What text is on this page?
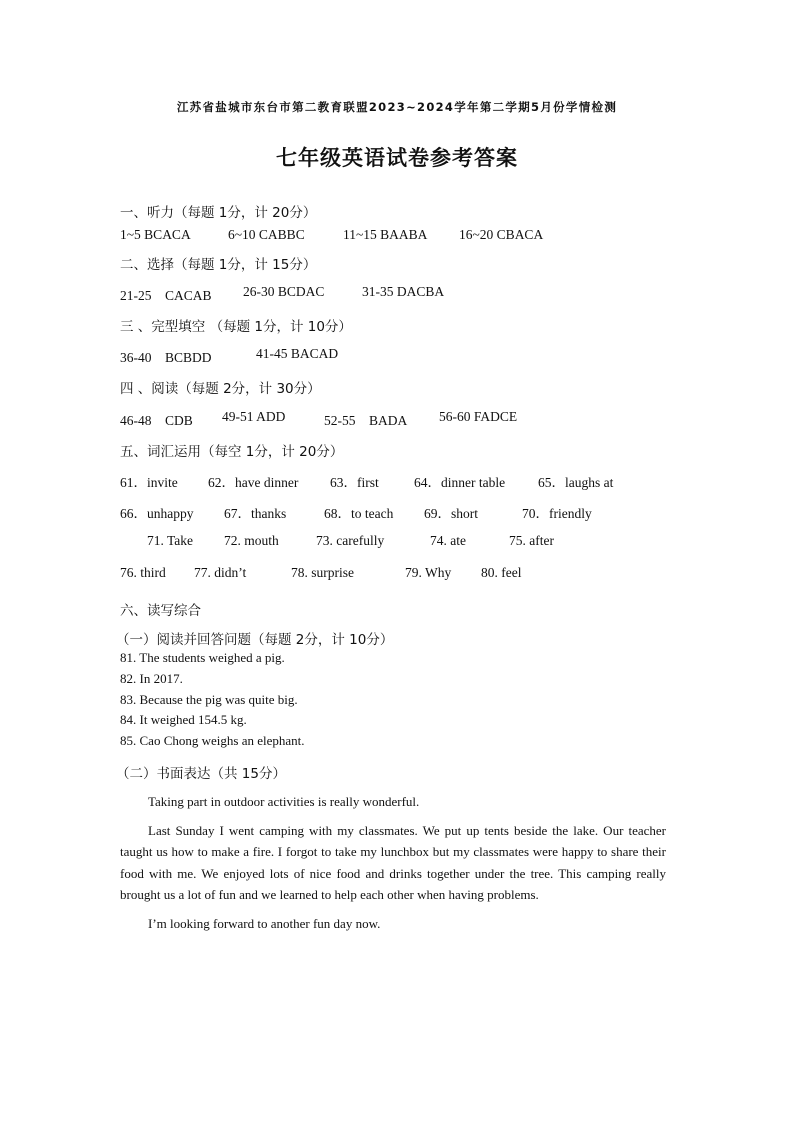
江苏省盐城市东台市第二教育联盟2023~2024学年第二学期5月份学情检测
七年级英语试卷参考答案
一、听力（每题 1分，计 20分）
1~5 BCACA	6~10 CABBC	11~15 BAABA 16~20 CBACA
二、选择（每题 1分，计 15分）
21-25　CACAB 26-30 BCDAC	31-35 DACBA
三 、完型填空 （每题 1分，计 10分）
36-40　BCBDD	41-45 BACAD
四 、阅读（每题 2分，计 30分）
46-48　CDB 49-51 ADD	52-55　BADA 56-60 FADCE
五、词汇运用（每空 1分，计 20分）
61．invite 62．have dinner 63．first	64．dinner table 65．laughs at
66．unhappy 67．thanks	68．to teach 69．short	70．friendly
71. Take 72. mouth	73. carefully	74. ate	75. after
76. third 77. didn’t	78. surprise	79. Why 80. feel
六、读写综合
（一）阅读并回答问题（每题 2分，计 10分）
81. The students weighed a pig.
82. In 2017.
83. Because the pig was quite big.
84. It weighed 154.5 kg.
85. Cao Chong weighs an elephant.
（二）书面表达（共 15分）
Taking part in outdoor activities is really wonderful.
Last Sunday I went camping with my classmates. We put up tents beside the lake. Our teacher taught us how to make a fire. I forgot to take my lunchbox but my classmates were happy to share their food with me. We enjoyed lots of nice food and drinks together under the tree. This camping really brought us a lot of fun and we learned to help each other when having problems.
I’m looking forward to another fun day now.
